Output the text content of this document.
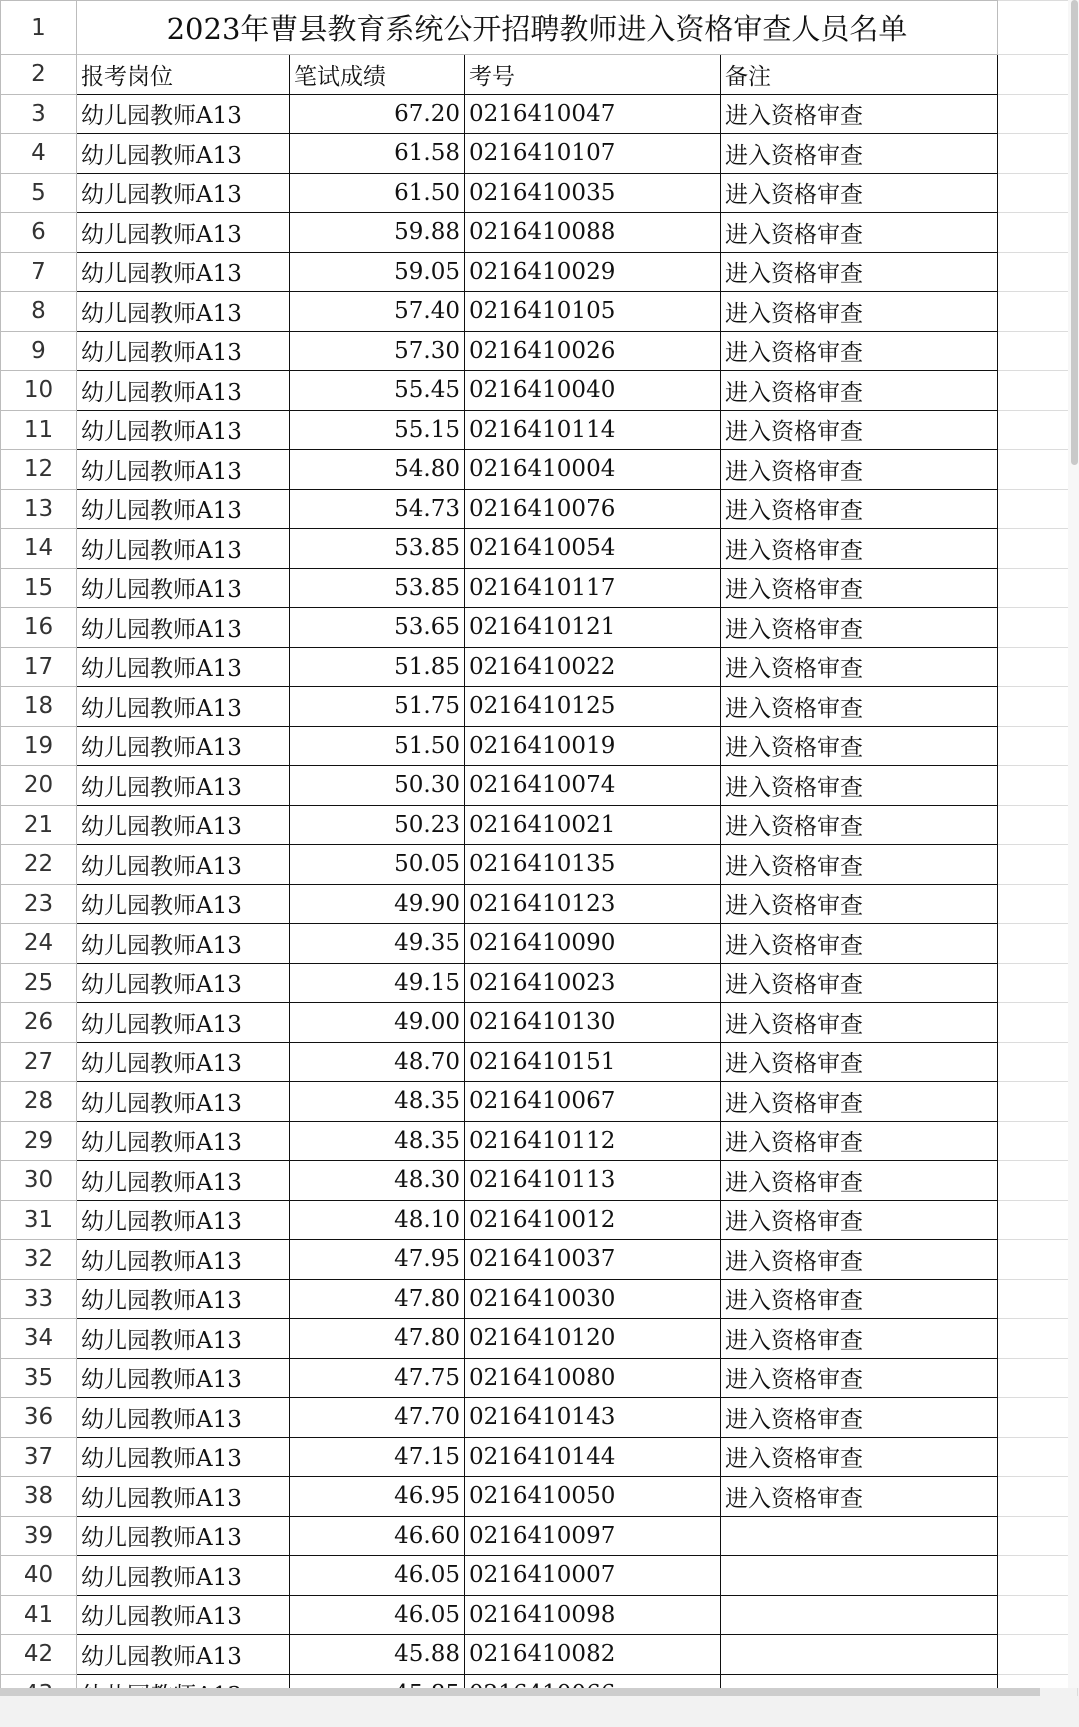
1	2023年曹县教育系统公开招聘教师进入资格审查人员名单				
2	报考岗位	笔试成绩	考号	备注	
3	幼儿园教师A13	67.20	0216410047	进入资格审查	
4	幼儿园教师A13	61.58	0216410107	进入资格审查	
5	幼儿园教师A13	61.50	0216410035	进入资格审查	
6	幼儿园教师A13	59.88	0216410088	进入资格审查	
7	幼儿园教师A13	59.05	0216410029	进入资格审查	
8	幼儿园教师A13	57.40	0216410105	进入资格审查	
9	幼儿园教师A13	57.30	0216410026	进入资格审查	
10	幼儿园教师A13	55.45	0216410040	进入资格审查	
11	幼儿园教师A13	55.15	0216410114	进入资格审查	
12	幼儿园教师A13	54.80	0216410004	进入资格审查	
13	幼儿园教师A13	54.73	0216410076	进入资格审查	
14	幼儿园教师A13	53.85	0216410054	进入资格审查	
15	幼儿园教师A13	53.85	0216410117	进入资格审查	
16	幼儿园教师A13	53.65	0216410121	进入资格审查	
17	幼儿园教师A13	51.85	0216410022	进入资格审查	
18	幼儿园教师A13	51.75	0216410125	进入资格审查	
19	幼儿园教师A13	51.50	0216410019	进入资格审查	
20	幼儿园教师A13	50.30	0216410074	进入资格审查	
21	幼儿园教师A13	50.23	0216410021	进入资格审查	
22	幼儿园教师A13	50.05	0216410135	进入资格审查	
23	幼儿园教师A13	49.90	0216410123	进入资格审查	
24	幼儿园教师A13	49.35	0216410090	进入资格审查	
25	幼儿园教师A13	49.15	0216410023	进入资格审查	
26	幼儿园教师A13	49.00	0216410130	进入资格审查	
27	幼儿园教师A13	48.70	0216410151	进入资格审查	
28	幼儿园教师A13	48.35	0216410067	进入资格审查	
29	幼儿园教师A13	48.35	0216410112	进入资格审查	
30	幼儿园教师A13	48.30	0216410113	进入资格审查	
31	幼儿园教师A13	48.10	0216410012	进入资格审查	
32	幼儿园教师A13	47.95	0216410037	进入资格审查	
33	幼儿园教师A13	47.80	0216410030	进入资格审查	
34	幼儿园教师A13	47.80	0216410120	进入资格审查	
35	幼儿园教师A13	47.75	0216410080	进入资格审查	
36	幼儿园教师A13	47.70	0216410143	进入资格审查	
37	幼儿园教师A13	47.15	0216410144	进入资格审查	
38	幼儿园教师A13	46.95	0216410050	进入资格审查	
39	幼儿园教师A13	46.60	0216410097		
40	幼儿园教师A13	46.05	0216410007		
41	幼儿园教师A13	46.05	0216410098		
42	幼儿园教师A13	45.88	0216410082		
